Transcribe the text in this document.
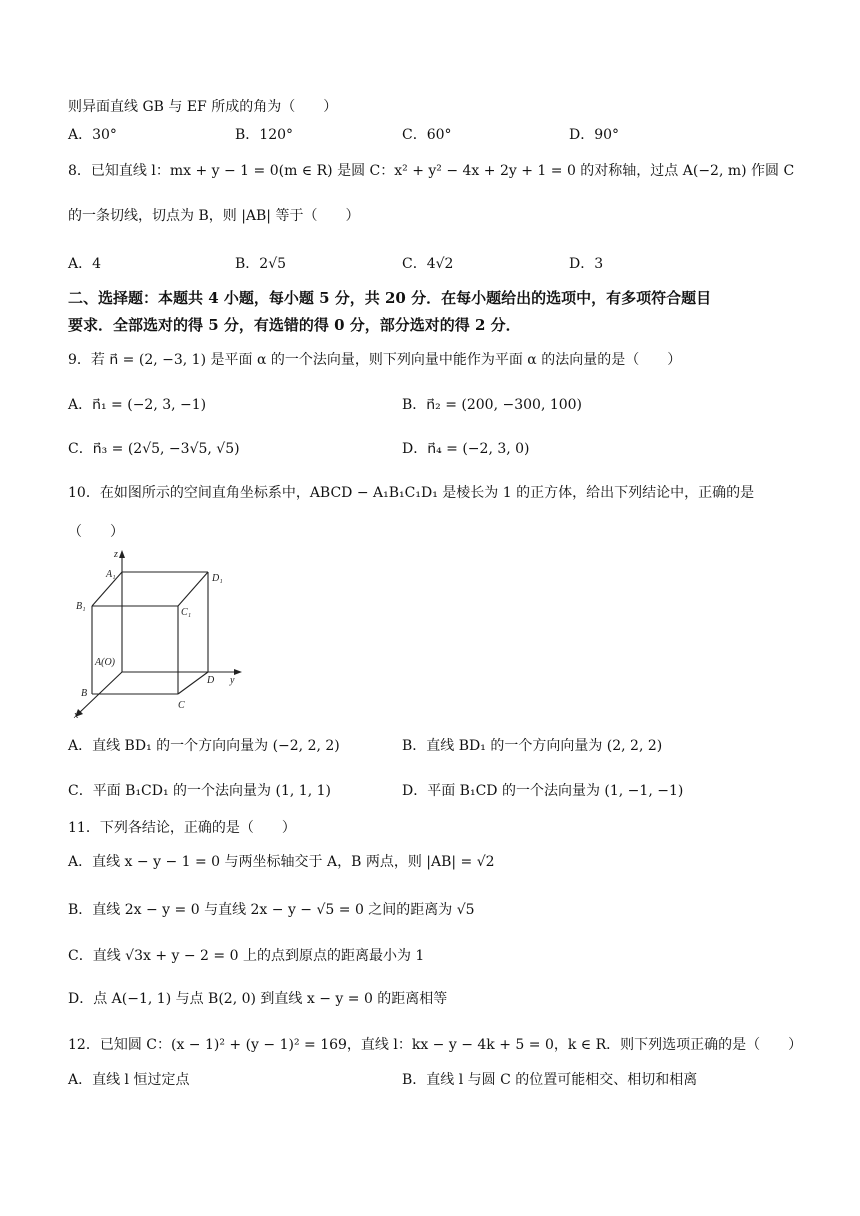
则异面直线 GB 与 EF 所成的角为（　　）
A．30°	B．120°	C．60°	D．90°
8．已知直线 l：mx + y − 1 = 0(m ∈ R) 是圆 C：x² + y² − 4x + 2y + 1 = 0 的对称轴，过点 A(−2, m) 作圆 C
的一条切线，切点为 B，则 |AB| 等于（　　）
A．4	B．2√5	C．4√2	D．3
二、选择题：本题共 4 小题，每小题 5 分，共 20 分．在每小题给出的选项中，有多项符合题目
要求．全部选对的得 5 分，有选错的得 0 分，部分选对的得 2 分．
9．若 n⃗ = (2, −3, 1) 是平面 α 的一个法向量，则下列向量中能作为平面 α 的法向量的是（　　）
A．n⃗₁ = (−2, 3, −1)	B．n⃗₂ = (200, −300, 100)
C．n⃗₃ = (2√5, −3√5, √5)	D．n⃗₄ = (−2, 3, 0)
10．在如图所示的空间直角坐标系中，ABCD − A₁B₁C₁D₁ 是棱长为 1 的正方体，给出下列结论中，正确的是
（　　）
z
A₁	D₁
B₁
C₁
A(O)
D y
B
C
x
A．直线 BD₁ 的一个方向向量为 (−2, 2, 2)	B．直线 BD₁ 的一个方向向量为 (2, 2, 2)
C．平面 B₁CD₁ 的一个法向量为 (1, 1, 1)	D．平面 B₁CD 的一个法向量为 (1, −1, −1)
11．下列各结论，正确的是（　　）
A．直线 x − y − 1 = 0 与两坐标轴交于 A，B 两点，则 |AB| = √2
B．直线 2x − y = 0 与直线 2x − y − √5 = 0 之间的距离为 √5
C．直线 √3x + y − 2 = 0 上的点到原点的距离最小为 1
D．点 A(−1, 1) 与点 B(2, 0) 到直线 x − y = 0 的距离相等
12．已知圆 C：(x − 1)² + (y − 1)² = 169，直线 l：kx − y − 4k + 5 = 0，k ∈ R．则下列选项正确的是（　　）
A．直线 l 恒过定点	B．直线 l 与圆 C 的位置可能相交、相切和相离
